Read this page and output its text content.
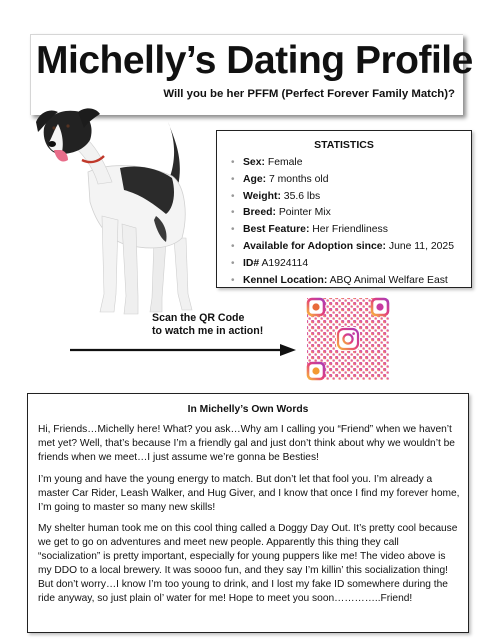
Michelly’s Dating Profile
Will you be her PFFM (Perfect Forever Family Match)?
STATISTICS
• Sex: Female
• Age: 7 months old
• Weight: 35.6 lbs
• Breed: Pointer Mix
• Best Feature: Her Friendliness
• Available for Adoption since: June 11, 2025
• ID# A1924114
• Kennel Location: ABQ Animal Welfare East
Scan the QR Code
to watch me in action!
In Michelly’s Own Words

Hi, Friends…Michelly here! What? you ask…Why am I calling you “Friend” when we haven’t met yet? Well, that’s because I’m a friendly gal and just don’t think about why we wouldn’t be friends when we meet…I just assume we’re gonna be Besties!

I’m young and have the young energy to match. But don’t let that fool you. I’m already a master Car Rider, Leash Walker, and Hug Giver, and I know that once I find my forever home, I’m going to master so many new skills!

My shelter human took me on this cool thing called a Doggy Day Out. It’s pretty cool because we get to go on adventures and meet new people. Apparently this thing they call “socialization” is pretty important, especially for young puppers like me! The video above is my DDO to a local brewery. It was soooo fun, and they say I’m killin’ this socialization thing! But don’t worry…I know I’m too young to drink, and I lost my fake ID somewhere during the ride anyway, so just plain ol’ water for me! Hope to meet you soon…………..Friend!
